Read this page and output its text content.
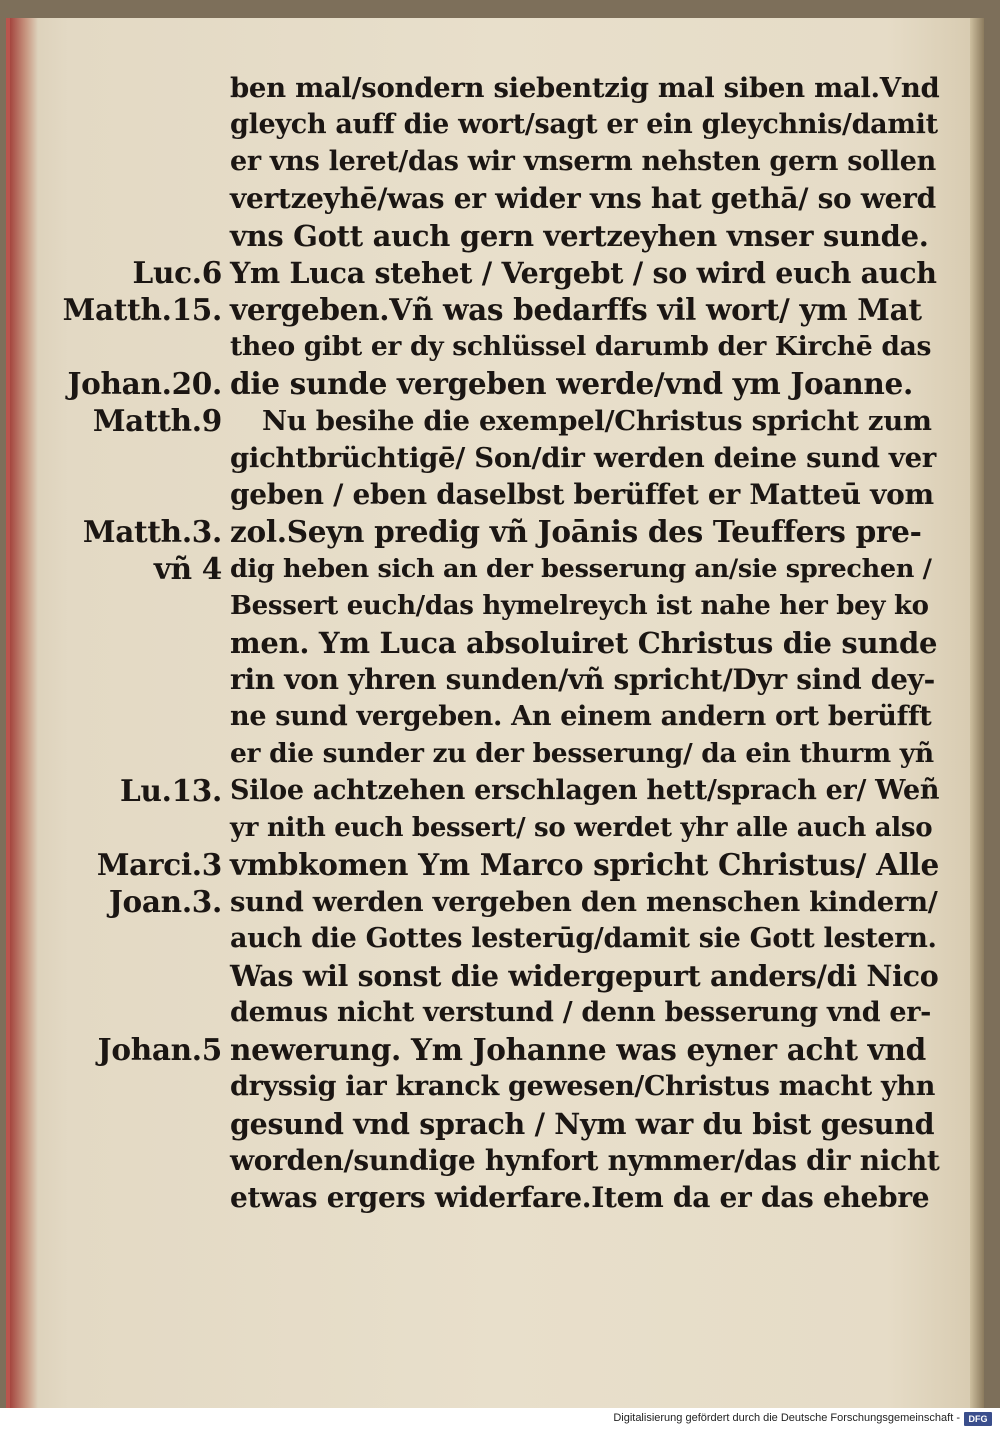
ben mal/sondern siebentzig mal siben mal.Vnd
gleych auff die wort/sagt er ein gleychnis/damit
er vns leret/das wir vnserm nehsten gern sollen
vertzeyhē/was er wider vns hat gethā/ so werd
vns Gott auch gern vertzeyhen vnser sunde.
Ym Luca stehet / Vergebt / so wird euch auch
vergeben.Vñ was bedarffs vil wort/ ym Mat
theo gibt er dy schlüssel darumb der Kirchē das
die sunde vergeben werde/vnd ym Joanne.
Nu besihe die exempel/Christus spricht zum
gichtbrüchtigē/ Son/dir werden deine sund ver
geben / eben daselbst berüffet er Matteū vom
zol.Seyn predig vñ Joānis des Teuffers pre-
dig heben sich an der besserung an/sie sprechen /
Bessert euch/das hymelreych ist nahe her bey ko
men. Ym Luca absoluiret Christus die sunde
rin von yhren sunden/vñ spricht/Dyr sind dey-
ne sund vergeben. An einem andern ort berüfft
er die sunder zu der besserung/ da ein thurm yñ
Siloe achtzehen erschlagen hett/sprach er/ Weñ
yr nith euch bessert/ so werdet yhr alle auch also
vmbkomen Ym Marco spricht Christus/ Alle
sund werden vergeben den menschen kindern/
auch die Gottes lesterūg/damit sie Gott lestern.
Was wil sonst die widergepurt anders/di Nico
demus nicht verstund / denn besserung vnd er-
newerung. Ym Johanne was eyner acht vnd
dryssig iar kranck gewesen/Christus macht yhn
gesund vnd sprach / Nym war du bist gesund
worden/sundige hynfort nymmer/das dir nicht
etwas ergers widerfare.Item da er das ehebre
Luc.6
Matth.15.
Johan.20.
Matth.9
Matth.3.
vñ 4
Lu.13.
Marci.3
Joan.3.
Johan.5
Digitalisierung gefördert durch die Deutsche Forschungsgemeinschaft - DFG
